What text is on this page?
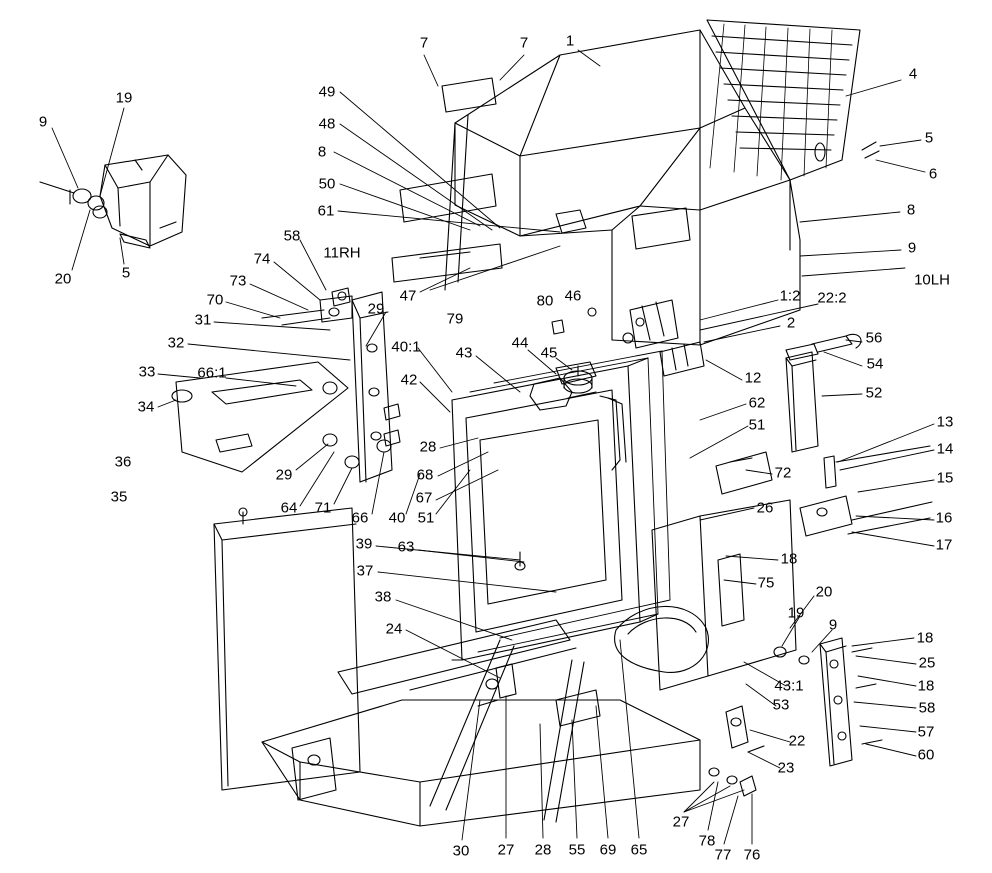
7	7	1
4
19	49
9	48
5
8
6
50
61	8
9
58
11RH
74
20	5	73	10LH
47	46
80
70
29
1:2 22:2
31	79	2
56
32	40:1 43
44
45
54
33	66:1	42	12
52
34	62
51	13
28	14
29	68	15
72
36
67
64 71
66 40 51
26
16
35
17
39 63
18
75
37
38	20
19
24	9
18
25
43:1	18
53	58
57
22
60
23
27
78
30 27 28 55 69 65	77 76
